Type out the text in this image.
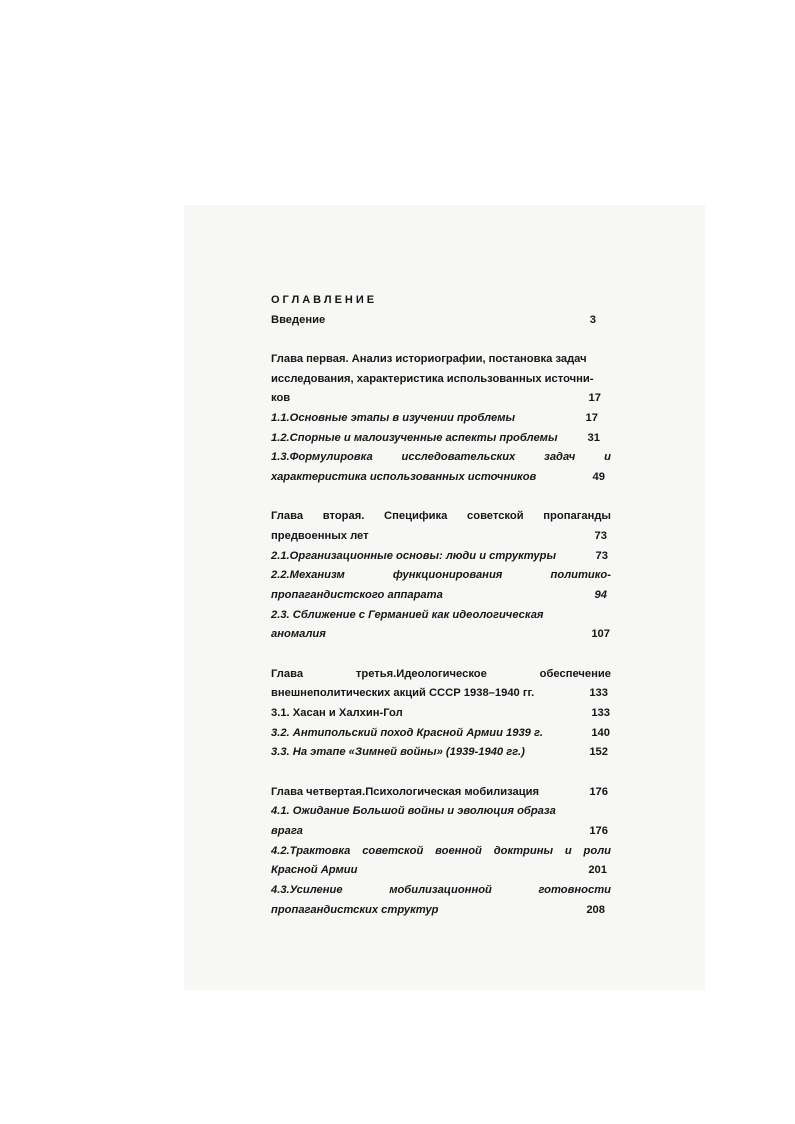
ОГЛАВЛЕНИЕ
Введение	3
Глава первая. Анализ историографии, постановка задач
исследования, характеристика использованных источни-
ков	17
1.1.Основные этапы в изучении проблемы	17
1.2.Спорные и малоизученные аспекты проблемы	31
1.3.Формулировка исследовательских задач и
характеристика использованных источников	49
Глава вторая. Специфика советской пропаганды
предвоенных лет	73
2.1.Организационные основы: люди и структуры	73
2.2.Механизм функционирования политико-
пропагандистского аппарата	94
2.3. Сближение с Германией как идеологическая
аномалия	107
Глава третья.Идеологическое обеспечение
внешнеполитических акций СССР 1938–1940 гг.	133
3.1. Хасан и Халхин-Гол	133
3.2. Антипольский поход Красной Армии 1939 г.	140
3.3. На этапе «Зимней войны» (1939-1940 гг.)	152
Глава четвертая.Психологическая мобилизация	176
4.1. Ожидание Большой войны и эволюция образа
врага	176
4.2.Трактовка советской военной доктрины и роли
Красной Армии	201
4.3.Усиление мобилизационной готовности
пропагандистских структур	208
